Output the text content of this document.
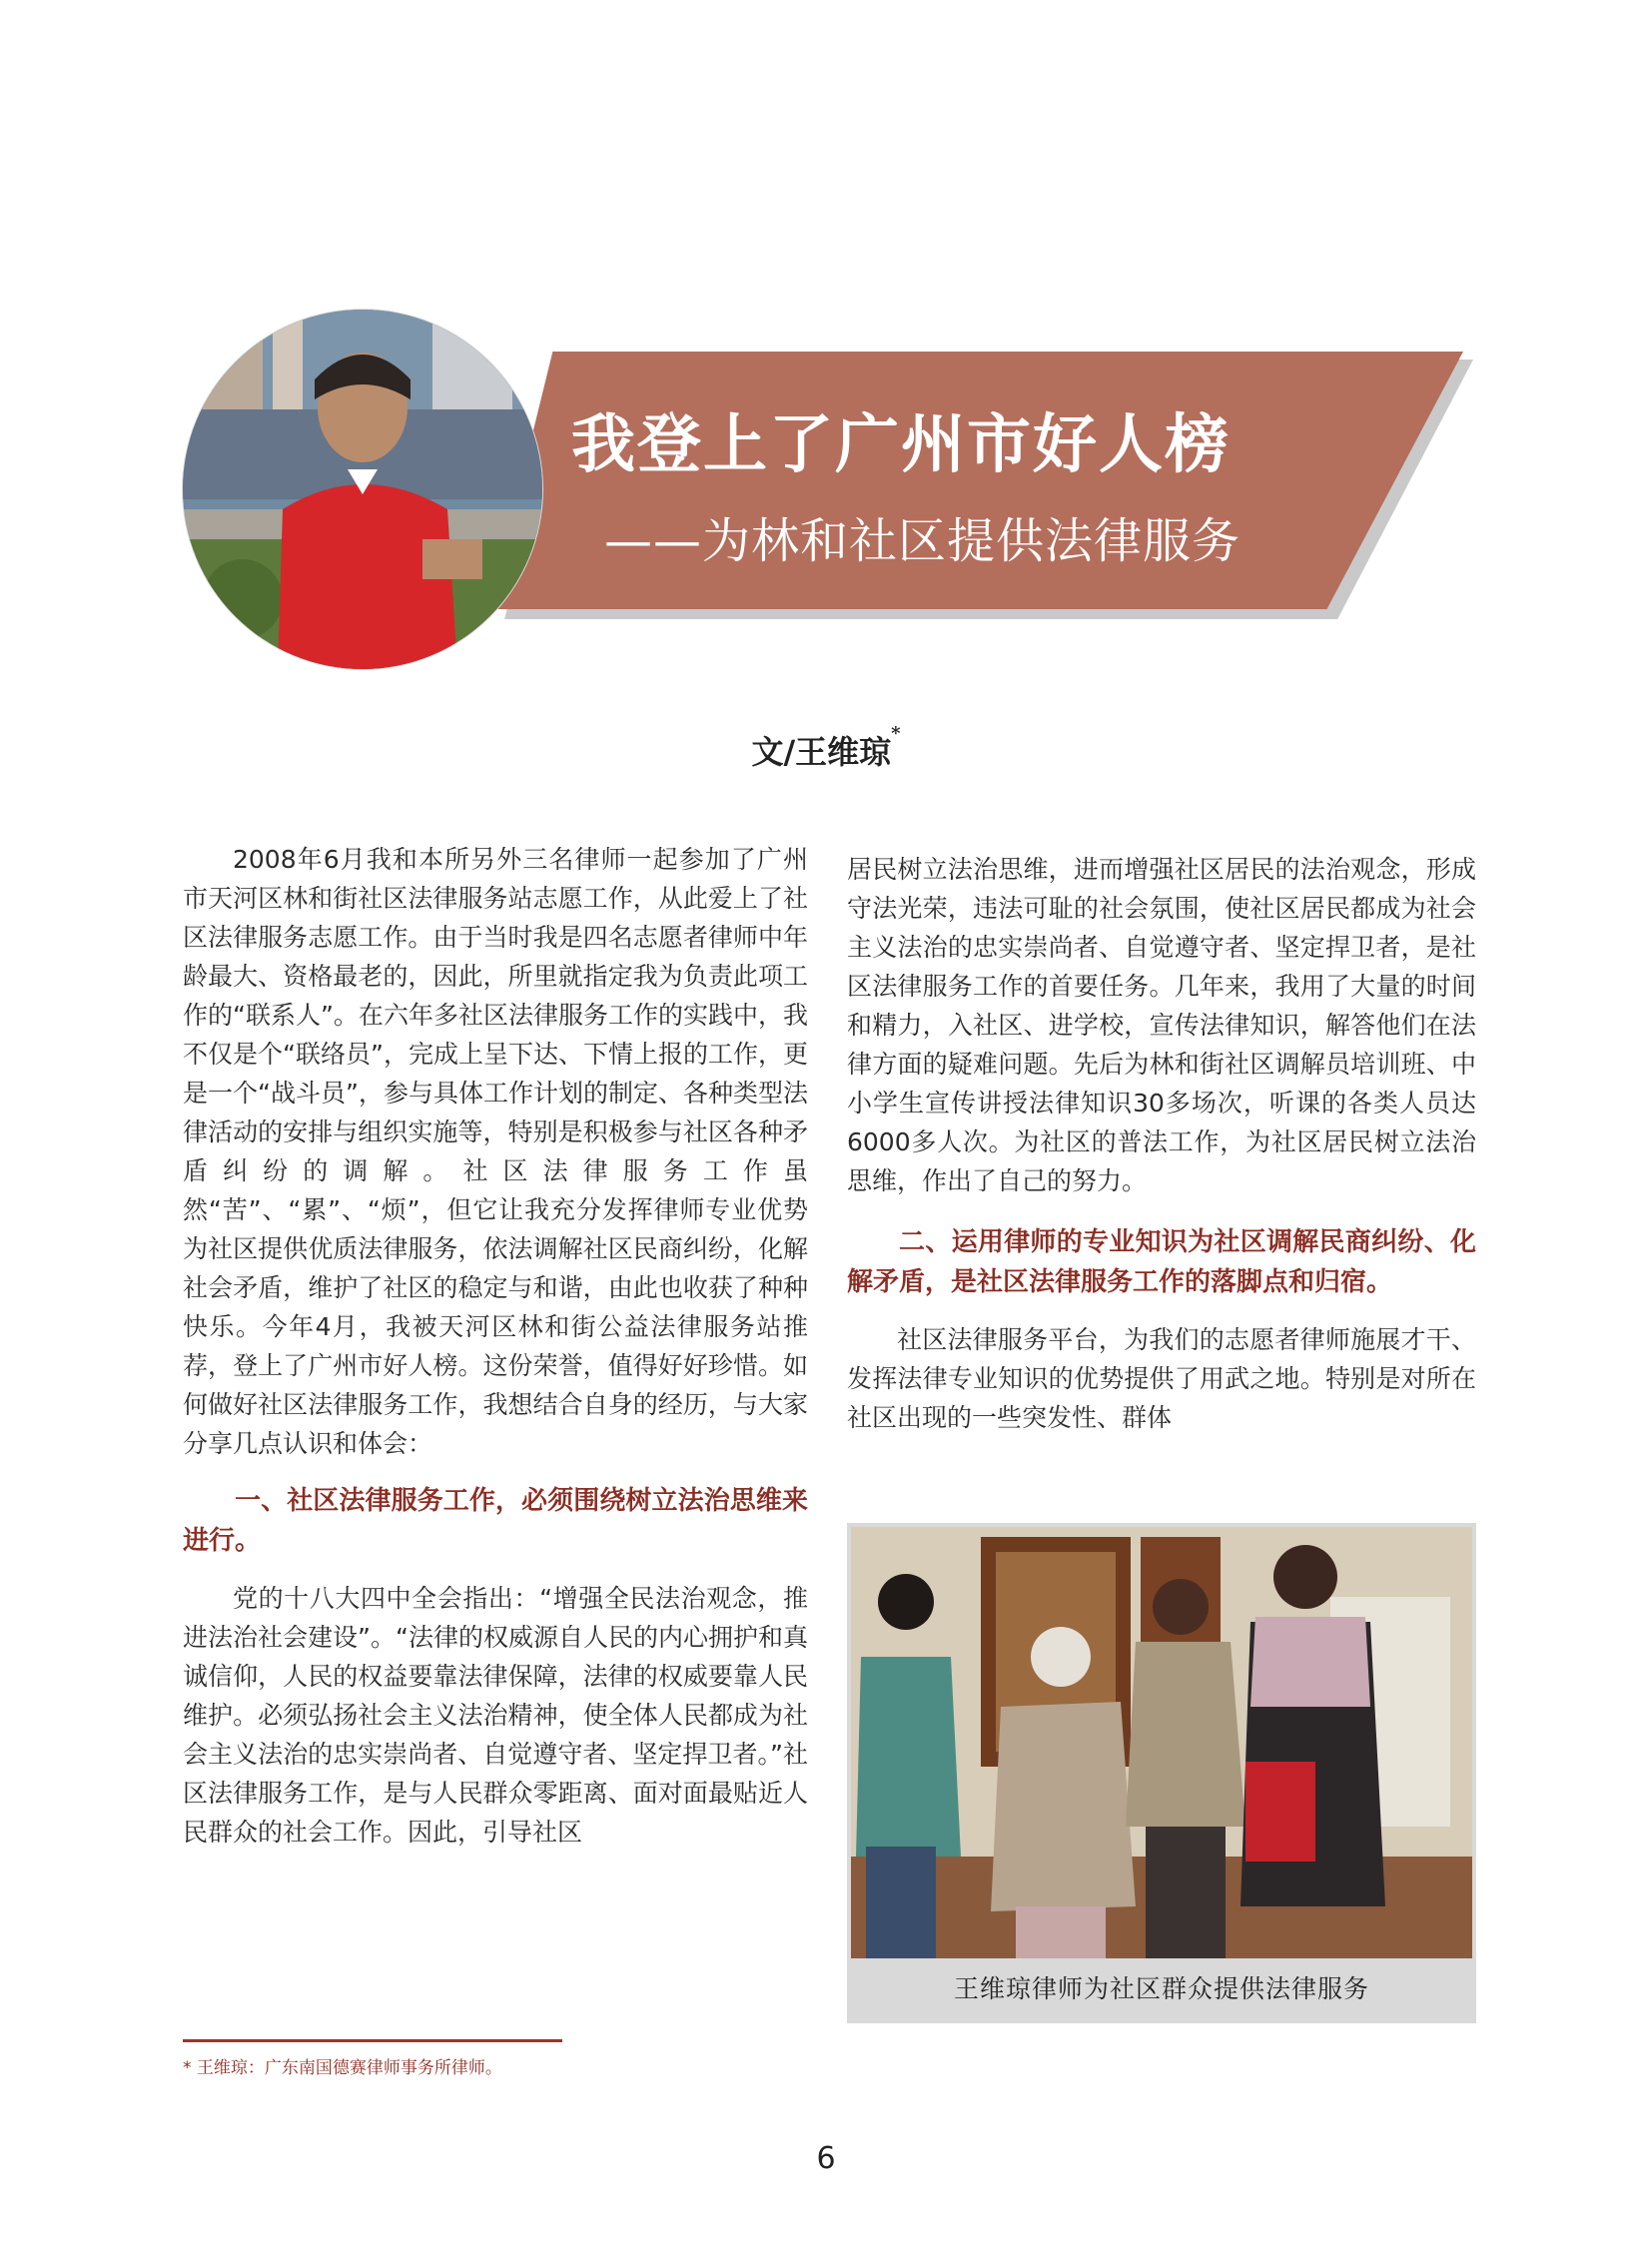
我登上了广州市好人榜
——为林和社区提供法律服务
文/王维琼*

2008年6月我和本所另外三名律师一起参加了广州市天河区林和街社区法律服务站志愿工作，从此爱上了社区法律服务志愿工作。由于当时我是四名志愿者律师中年龄最大、资格最老的，因此，所里就指定我为负责此项工作的“联系人”。在六年多社区法律服务工作的实践中，我不仅是个“联络员”，完成上呈下达、下情上报的工作，更是一个“战斗员”，参与具体工作计划的制定、各种类型法律活动的安排与组织实施等，特别是积极参与社区各种矛盾纠纷的调解。社区法律服务工作虽然“苦”、“累”、“烦”，但它让我充分发挥律师专业优势为社区提供优质法律服务，依法调解社区民商纠纷，化解社会矛盾，维护了社区的稳定与和谐，由此也收获了种种快乐。今年4月，我被天河区林和街公益法律服务站推荐，登上了广州市好人榜。这份荣誉，值得好好珍惜。如何做好社区法律服务工作，我想结合自身的经历，与大家分享几点认识和体会：

一、社区法律服务工作，必须围绕树立法治思维来进行。

党的十八大四中全会指出：“增强全民法治观念，推进法治社会建设”。“法律的权威源自人民的内心拥护和真诚信仰，人民的权益要靠法律保障，法律的权威要靠人民维护。必须弘扬社会主义法治精神，使全体人民都成为社会主义法治的忠实崇尚者、自觉遵守者、坚定捍卫者。”社区法律服务工作，是与人民群众零距离、面对面最贴近人民群众的社会工作。因此，引导社区

居民树立法治思维，进而增强社区居民的法治观念，形成守法光荣，违法可耻的社会氛围，使社区居民都成为社会主义法治的忠实崇尚者、自觉遵守者、坚定捍卫者，是社区法律服务工作的首要任务。几年来，我用了大量的时间和精力，入社区、进学校，宣传法律知识，解答他们在法律方面的疑难问题。先后为林和街社区调解员培训班、中小学生宣传讲授法律知识30多场次，听课的各类人员达6000多人次。为社区的普法工作，为社区居民树立法治思维，作出了自己的努力。

二、运用律师的专业知识为社区调解民商纠纷、化解矛盾，是社区法律服务工作的落脚点和归宿。

社区法律服务平台，为我们的志愿者律师施展才干、发挥法律专业知识的优势提供了用武之地。特别是对所在社区出现的一些突发性、群体

王维琼律师为社区群众提供法律服务
* 王维琼：广东南国德赛律师事务所律师。
6
